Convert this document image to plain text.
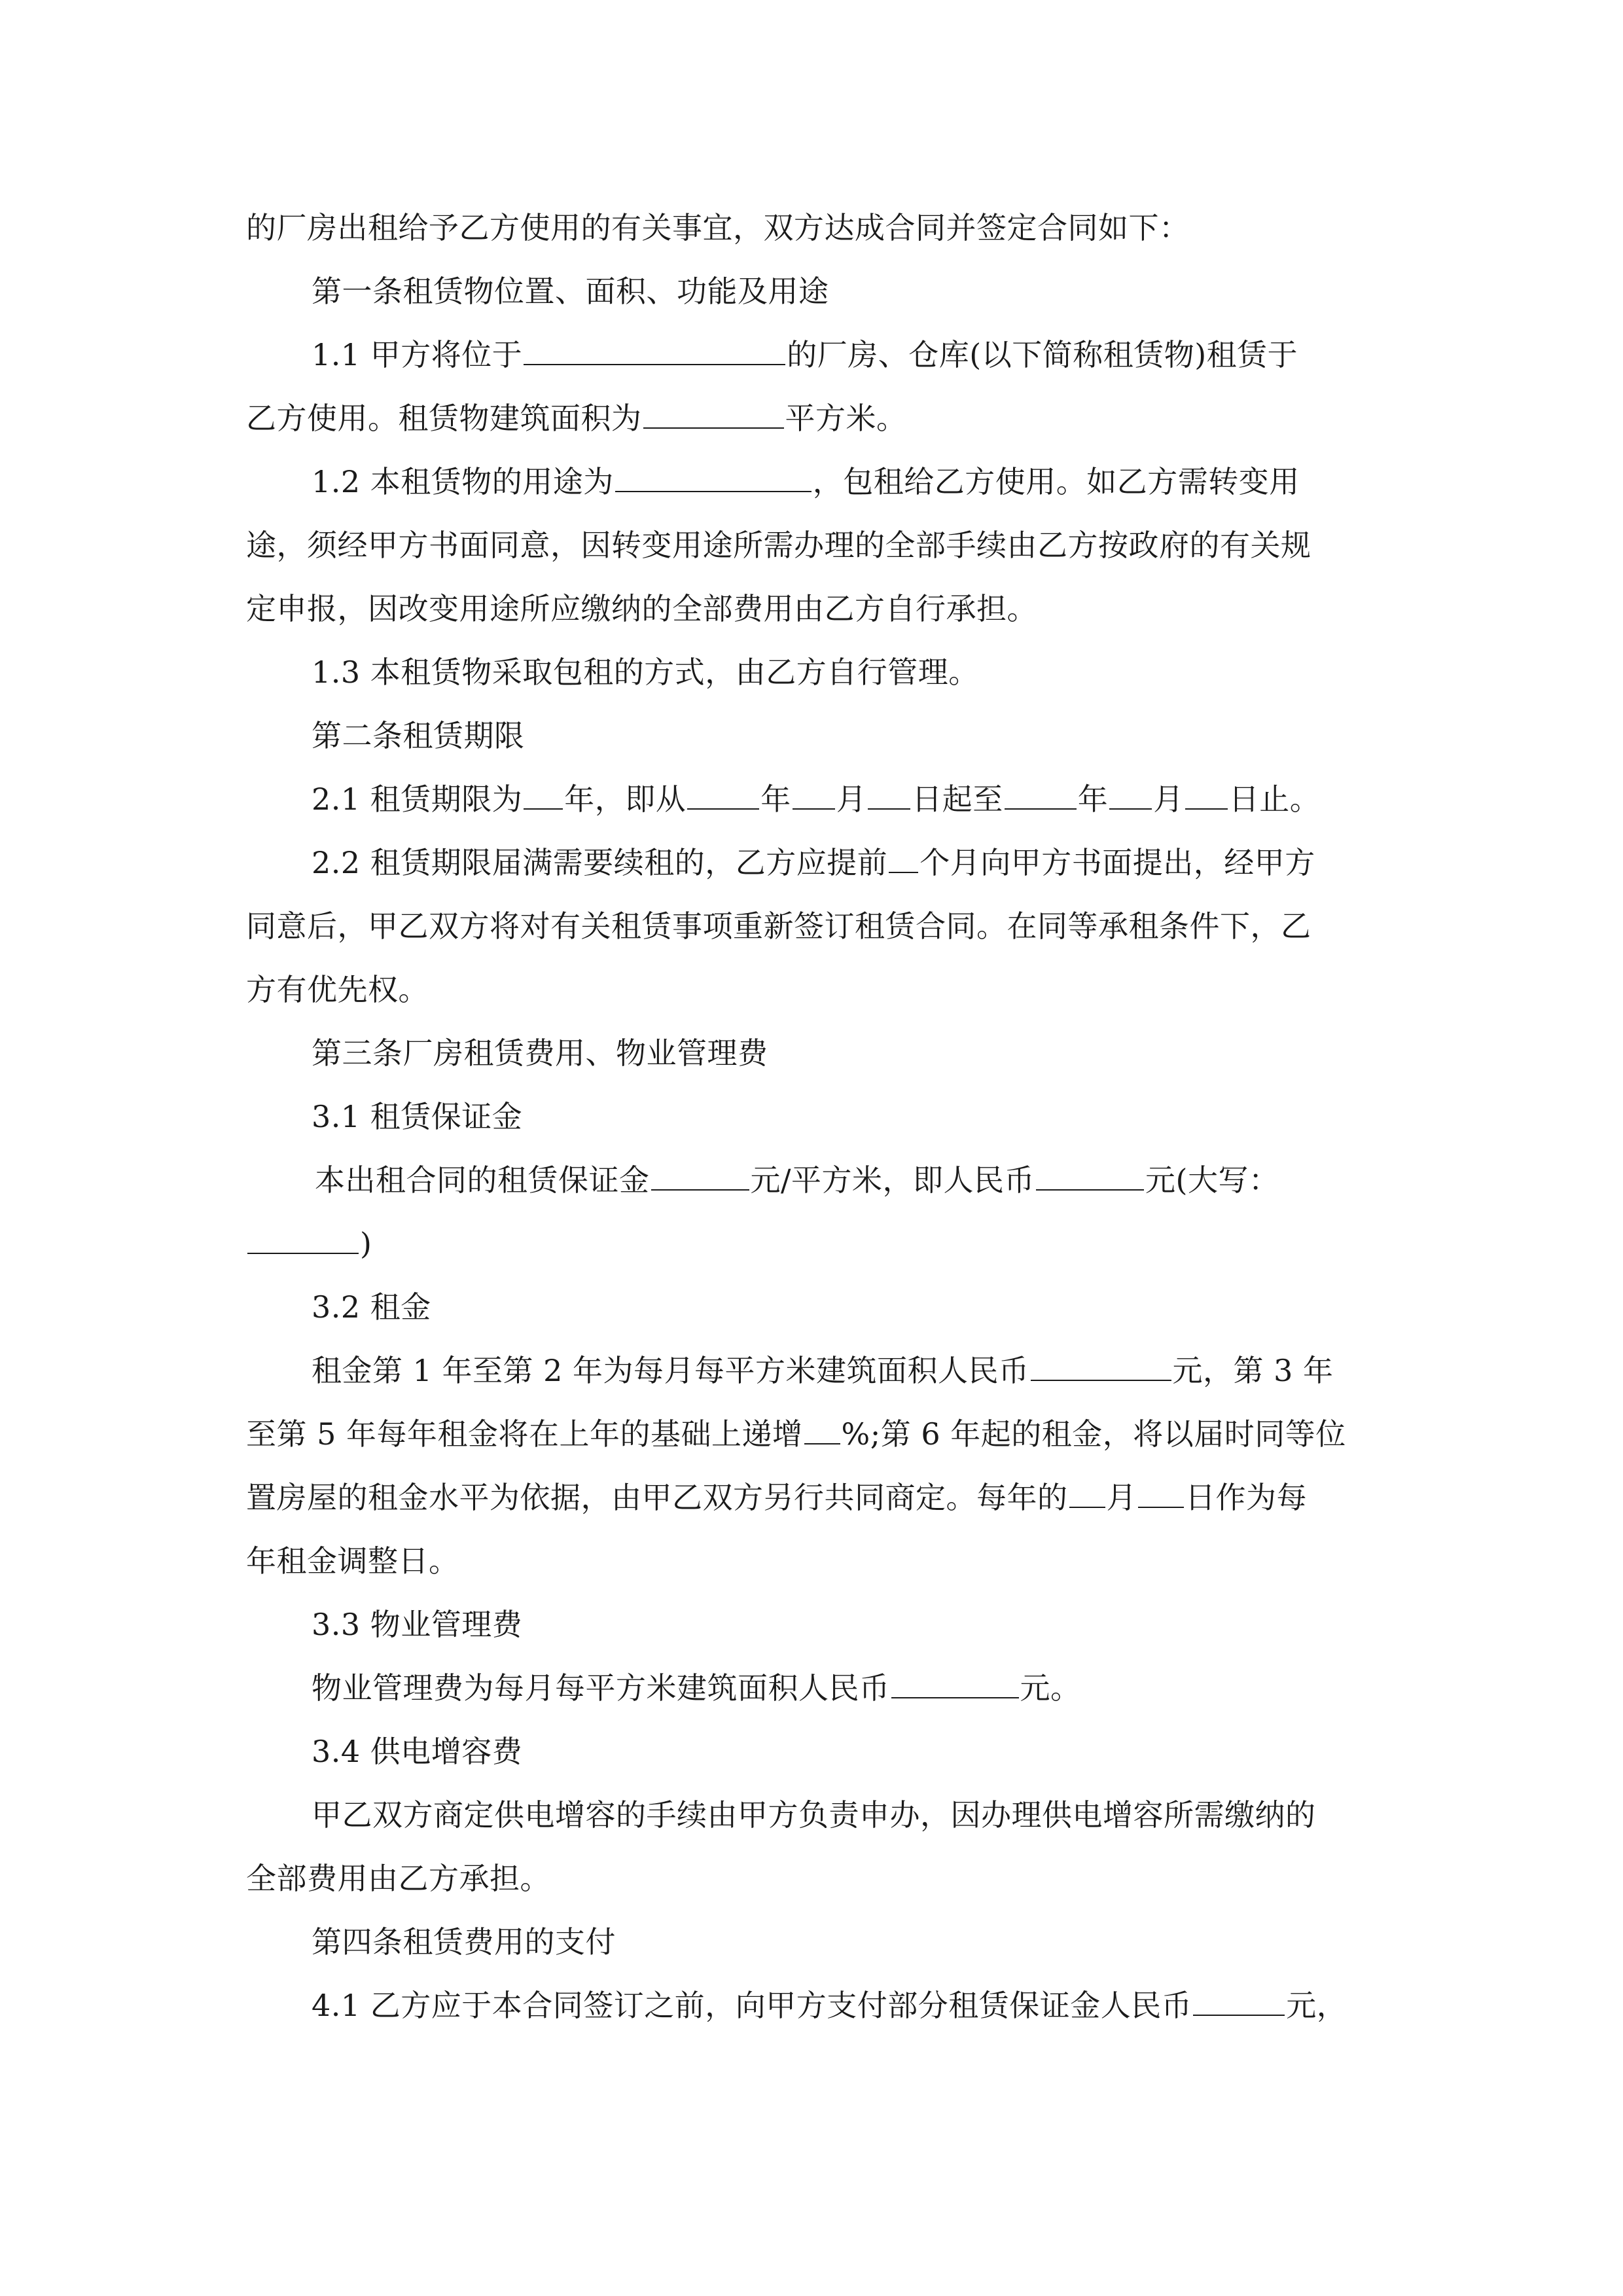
的厂房出租给予乙方使用的有关事宜，双方达成合同并签定合同如下：
第一条租赁物位置、面积、功能及用途
1.1 甲方将位于	的厂房、仓库(以下简称租赁物)租赁于
乙方使用。租赁物建筑面积为	平方米。
1.2 本租赁物的用途为	，包租给乙方使用。如乙方需转变用
途，须经甲方书面同意，因转变用途所需办理的全部手续由乙方按政府的有关规
定申报，因改变用途所应缴纳的全部费用由乙方自行承担。
1.3 本租赁物采取包租的方式，由乙方自行管理。
第二条租赁期限
2.1 租赁期限为 年，即从 年 月 日起至 年 月 日止。
2.2 租赁期限届满需要续租的，乙方应提前 个月向甲方书面提出，经甲方
同意后，甲乙双方将对有关租赁事项重新签订租赁合同。在同等承租条件下，乙
方有优先权。
第三条厂房租赁费用、物业管理费
3.1 租赁保证金
本出租合同的租赁保证金	元/平方米，即人民币	元(大写：
)
3.2 租金
租金第 1 年至第 2 年为每月每平方米建筑面积人民币	元，第 3 年
至第 5 年每年租金将在上年的基础上递增 %;第 6 年起的租金，将以届时同等位
置房屋的租金水平为依据，由甲乙双方另行共同商定。每年的 月 日作为每
年租金调整日。
3.3 物业管理费
物业管理费为每月每平方米建筑面积人民币	元。
3.4 供电增容费
甲乙双方商定供电增容的手续由甲方负责申办，因办理供电增容所需缴纳的
全部费用由乙方承担。
第四条租赁费用的支付
4.1 乙方应于本合同签订之前，向甲方支付部分租赁保证金人民币	元，
